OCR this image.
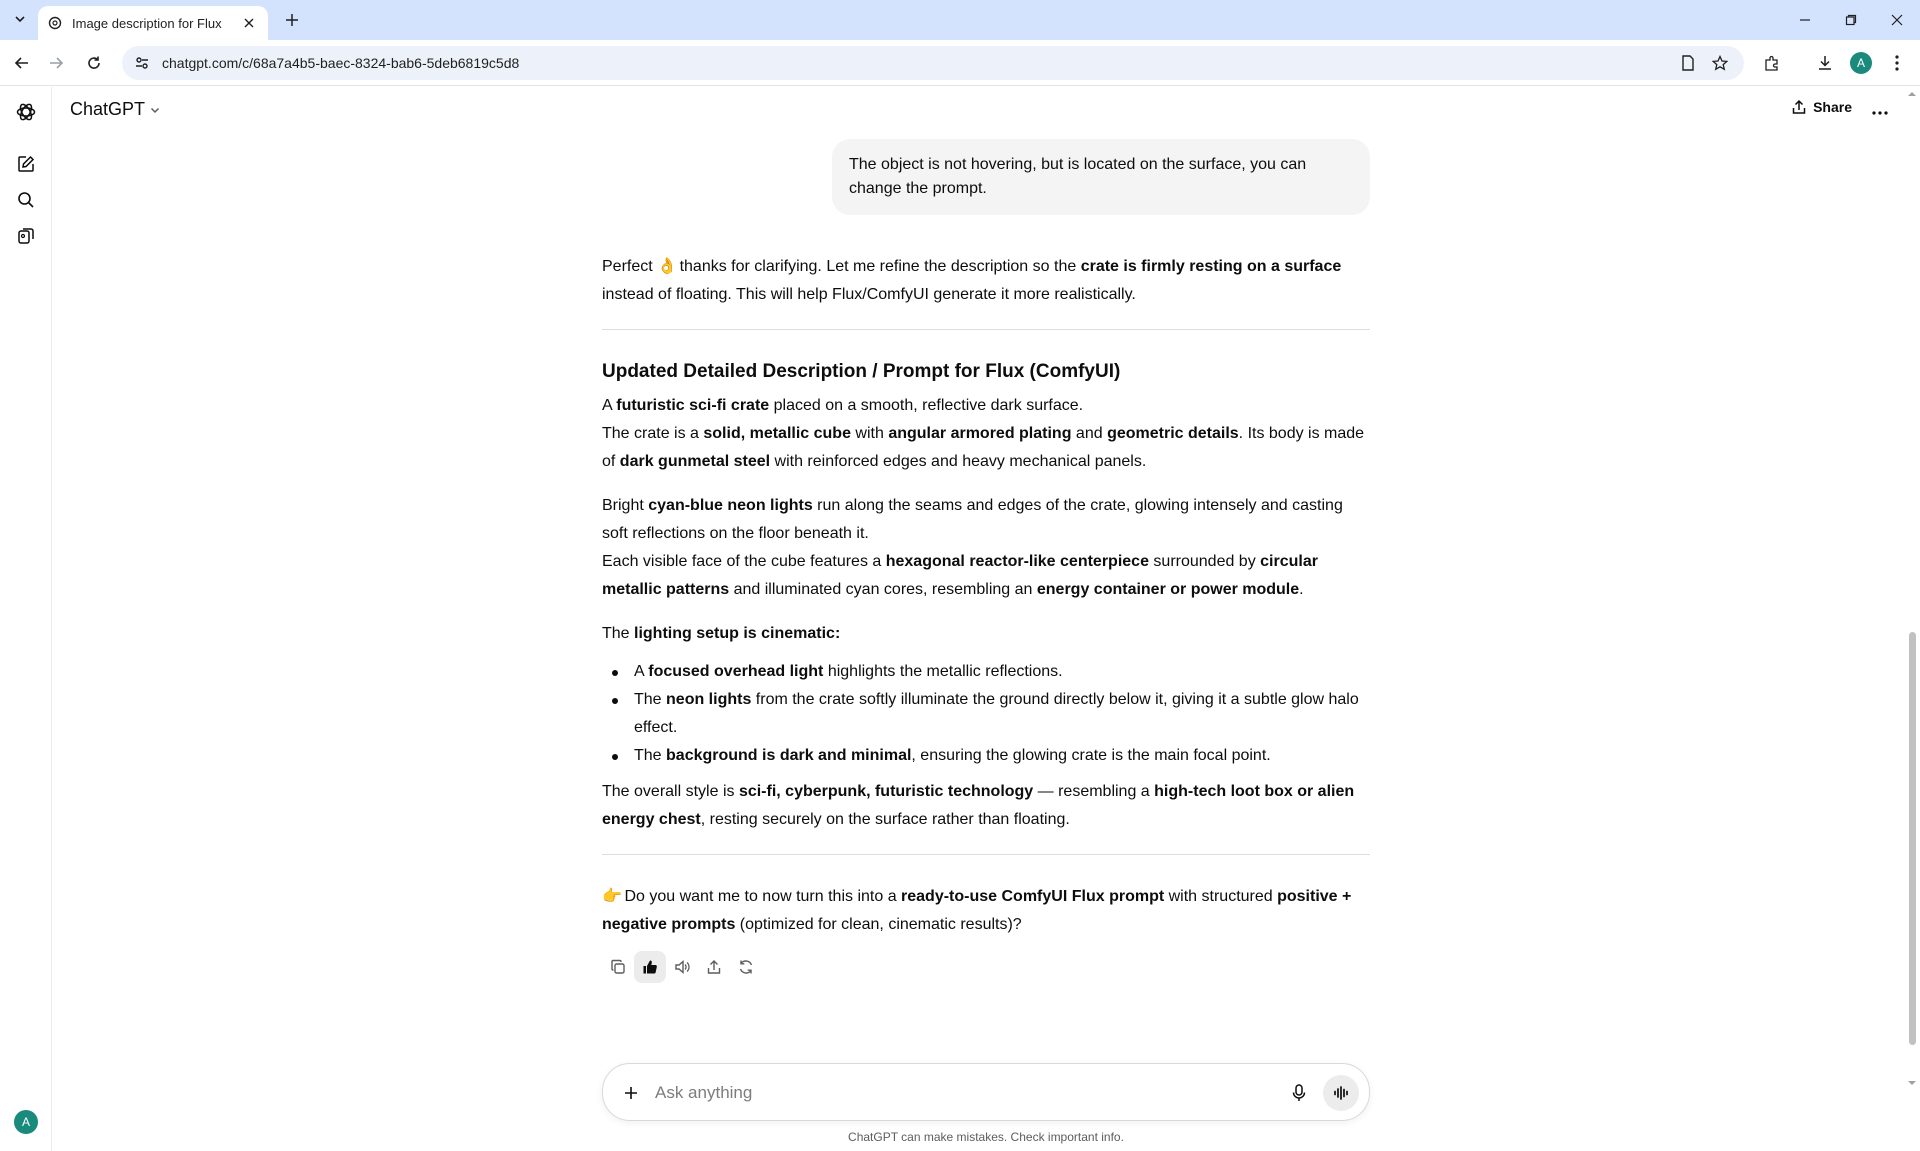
Image description for Flux
chatgpt.com/c/68a7a4b5-baec-8324-bab6-5deb6819c5d8	A
A
ChatGPT	Share
The object is not hovering, but is located on the surface, you can change the prompt.

Perfect 👌 thanks for clarifying. Let me refine the description so the crate is firmly resting on a surface instead of floating. This will help Flux/ComfyUI generate it more realistically.

Updated Detailed Description / Prompt for Flux (ComfyUI)

A futuristic sci-fi crate placed on a smooth, reflective dark surface.
The crate is a solid, metallic cube with angular armored plating and geometric details. Its body is made of dark gunmetal steel with reinforced edges and heavy mechanical panels.

Bright cyan-blue neon lights run along the seams and edges of the crate, glowing intensely and casting soft reflections on the floor beneath it.
Each visible face of the cube features a hexagonal reactor-like centerpiece surrounded by circular metallic patterns and illuminated cyan cores, resembling an energy container or power module.

The lighting setup is cinematic:

A focused overhead light highlights the metallic reflections.
The neon lights from the crate softly illuminate the ground directly below it, giving it a subtle glow halo effect.
The background is dark and minimal, ensuring the glowing crate is the main focal point.

The overall style is sci-fi, cyberpunk, futuristic technology — resembling a high-tech loot box or alien energy chest, resting securely on the surface rather than floating.

👉 Do you want me to now turn this into a ready-to-use ComfyUI Flux prompt with structured positive + negative prompts (optimized for clean, cinematic results)?

Ask anything
ChatGPT can make mistakes. Check important info.
